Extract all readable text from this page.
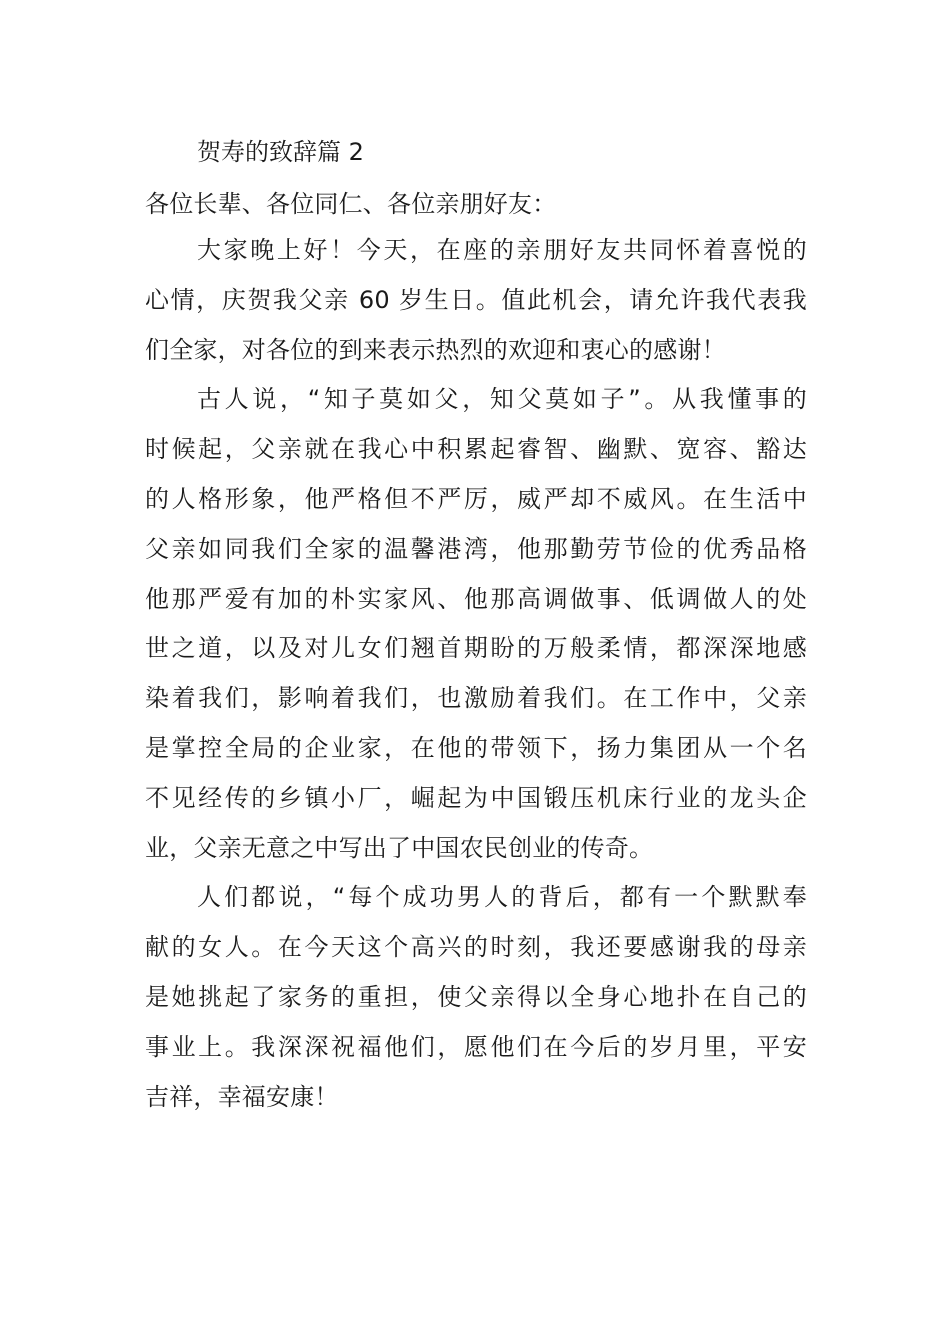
贺寿的致辞篇 2
各位长辈、各位同仁、各位亲朋好友：
大家晚上好！今天，在座的亲朋好友共同怀着喜悦的
心情，庆贺我父亲 60 岁生日。值此机会，请允许我代表我
们全家，对各位的到来表示热烈的欢迎和衷心的感谢！
古人说，“知子莫如父，知父莫如子”。从我懂事的
时候起，父亲就在我心中积累起睿智、幽默、宽容、豁达
的人格形象，他严格但不严厉，威严却不威风。在生活中
父亲如同我们全家的温馨港湾，他那勤劳节俭的优秀品格
他那严爱有加的朴实家风、他那高调做事、低调做人的处
世之道，以及对儿女们翘首期盼的万般柔情，都深深地感
染着我们，影响着我们，也激励着我们。在工作中，父亲
是掌控全局的企业家，在他的带领下，扬力集团从一个名
不见经传的乡镇小厂，崛起为中国锻压机床行业的龙头企
业，父亲无意之中写出了中国农民创业的传奇。
人们都说，“每个成功男人的背后，都有一个默默奉
献的女人。在今天这个高兴的时刻，我还要感谢我的母亲
是她挑起了家务的重担，使父亲得以全身心地扑在自己的
事业上。我深深祝福他们，愿他们在今后的岁月里，平安
吉祥，幸福安康！
